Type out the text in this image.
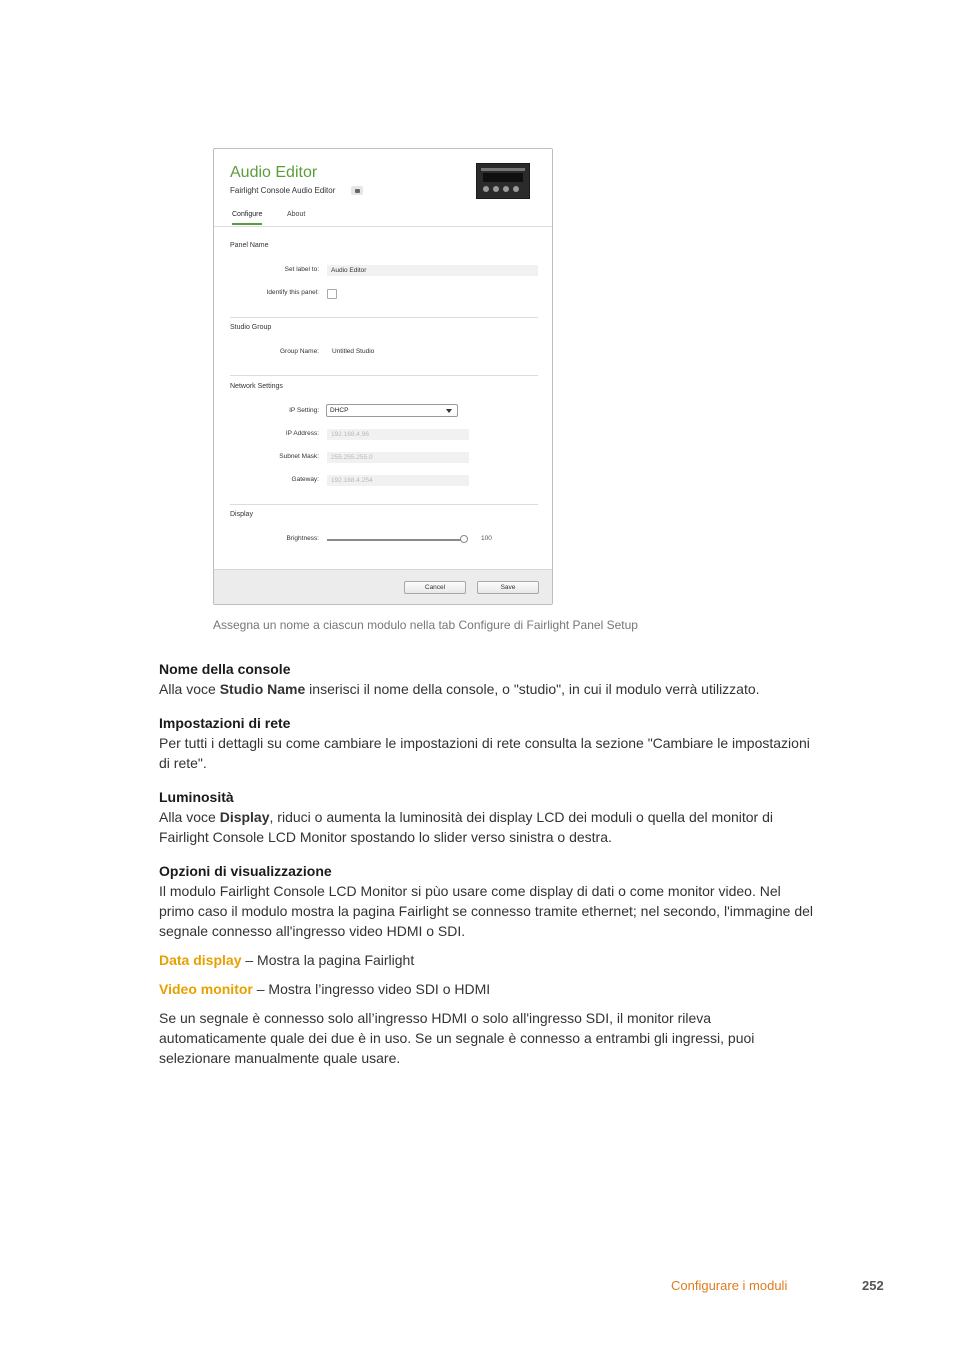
Audio Editor
Fairlight Console Audio Editor
Configure	About
Panel Name
Set label to:	Audio Editor
Identify this panel:
Studio Group
Group Name: Untitled Studio
Network Settings
IP Setting:	DHCP
IP Address:	192.168.4.96
Subnet Mask:	255.255.255.0
Gateway:	192.168.4.254
Display
Brightness:	100
Cancel	Save
Assegna un nome a ciascun modulo nella tab Configure di Fairlight Panel Setup
Nome della console

Alla voce Studio Name inserisci il nome della console, o "studio", in cui il modulo verrà utilizzato.

Impostazioni di rete

Per tutti i dettagli su come cambiare le impostazioni di rete consulta la sezione "Cambiare le impostazioni di rete".

Luminosità

Alla voce Display, riduci o aumenta la luminosità dei display LCD dei moduli o quella del monitor di Fairlight Console LCD Monitor spostando lo slider verso sinistra o destra.

Opzioni di visualizzazione

Il modulo Fairlight Console LCD Monitor si pùo usare come display di dati o come monitor video. Nel primo caso il modulo mostra la pagina Fairlight se connesso tramite ethernet; nel secondo, l'immagine del segnale connesso all'ingresso video HDMI o SDI.

Data display – Mostra la pagina Fairlight

Video monitor – Mostra l’ingresso video SDI o HDMI

Se un segnale è connesso solo all’ingresso HDMI o solo all'ingresso SDI, il monitor rileva automaticamente quale dei due è in uso. Se un segnale è connesso a entrambi gli ingressi, puoi selezionare manualmente quale usare.

Configurare i moduli	252
